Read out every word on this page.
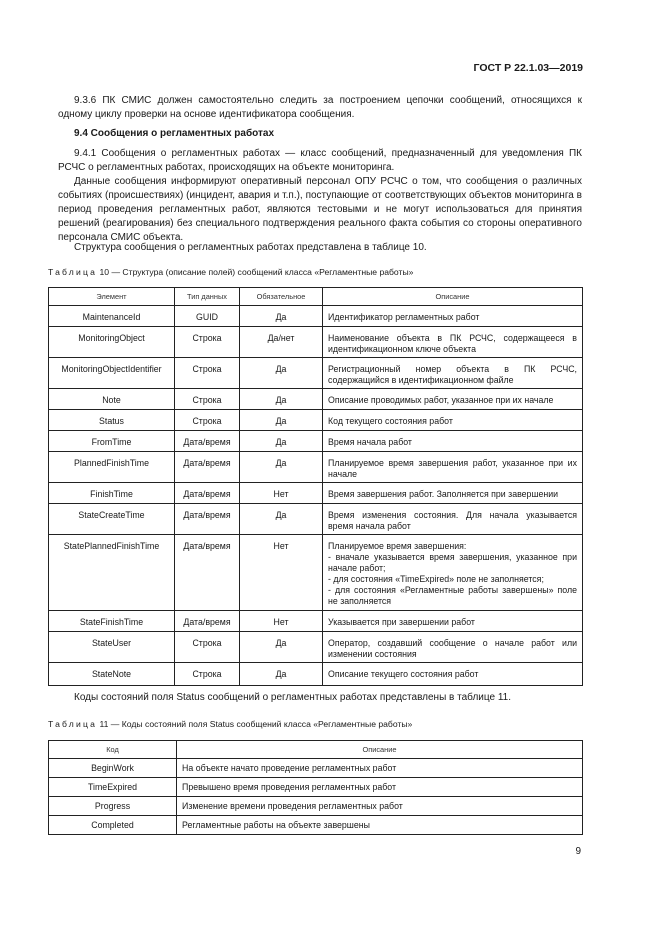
ГОСТ Р 22.1.03—2019

9.3.6 ПК СМИС должен самостоятельно следить за построением цепочки сообщений, относящихся к одному циклу проверки на основе идентификатора сообщения.

9.4 Сообщения о регламентных работах

9.4.1 Сообщения о регламентных работах — класс сообщений, предназначенный для уведомления ПК РСЧС о регламентных работах, происходящих на объекте мониторинга.

Данные сообщения информируют оперативный персонал ОПУ РСЧС о том, что сообщения о различных событиях (происшествиях) (инцидент, авария и т.п.), поступающие от соответствующих объектов мониторинга в период проведения регламентных работ, являются тестовыми и не могут использоваться для принятия решений (реагирования) без специального подтверждения реального факта события со стороны оперативного персонала СМИС объекта.

Структура сообщения о регламентных работах представлена в таблице 10.

Таблица 10 — Структура (описание полей) сообщений класса «Регламентные работы»
Элемент	Тип данных	Обязательное	Описание
MaintenanceId	GUID	Да	Идентификатор регламентных работ
MonitoringObject	Строка	Да/нет	Наименование объекта в ПК РСЧС, содержащееся в идентификационном ключе объекта
MonitoringObjectIdentifier	Строка	Да	Регистрационный номер объекта в ПК РСЧС, содержащийся в идентификационном файле
Note	Строка	Да	Описание проводимых работ, указанное при их начале
Status	Строка	Да	Код текущего состояния работ
FromTime	Дата/время	Да	Время начала работ
PlannedFinishTime	Дата/время	Да	Планируемое время завершения работ, указанное при их начале
FinishTime	Дата/время	Нет	Время завершения работ. Заполняется при завершении
StateCreateTime	Дата/время	Да	Время изменения состояния. Для начала указывается время начала работ
StatePlannedFinishTime	Дата/время	Нет	Планируемое время завершения:
- вначале указывается время завершения, указанное при начале работ;
- для состояния «TimeExpired» поле не заполняется;
- для состояния «Регламентные работы завершены» поле не заполняется

StateFinishTime	Дата/время	Нет	Указывается при завершении работ
StateUser	Строка	Да	Оператор, создавший сообщение о начале работ или изменении состояния
StateNote	Строка	Да	Описание текущего состояния работ

Коды состояний поля Status сообщений о регламентных работах представлены в таблице 11.

Таблица 11 — Коды состояний поля Status сообщений класса «Регламентные работы»
Код	Описание
BeginWork	На объекте начато проведение регламентных работ
TimeExpired	Превышено время проведения регламентных работ
Progress	Изменение времени проведения регламентных работ
Completed	Регламентные работы на объекте завершены
9
